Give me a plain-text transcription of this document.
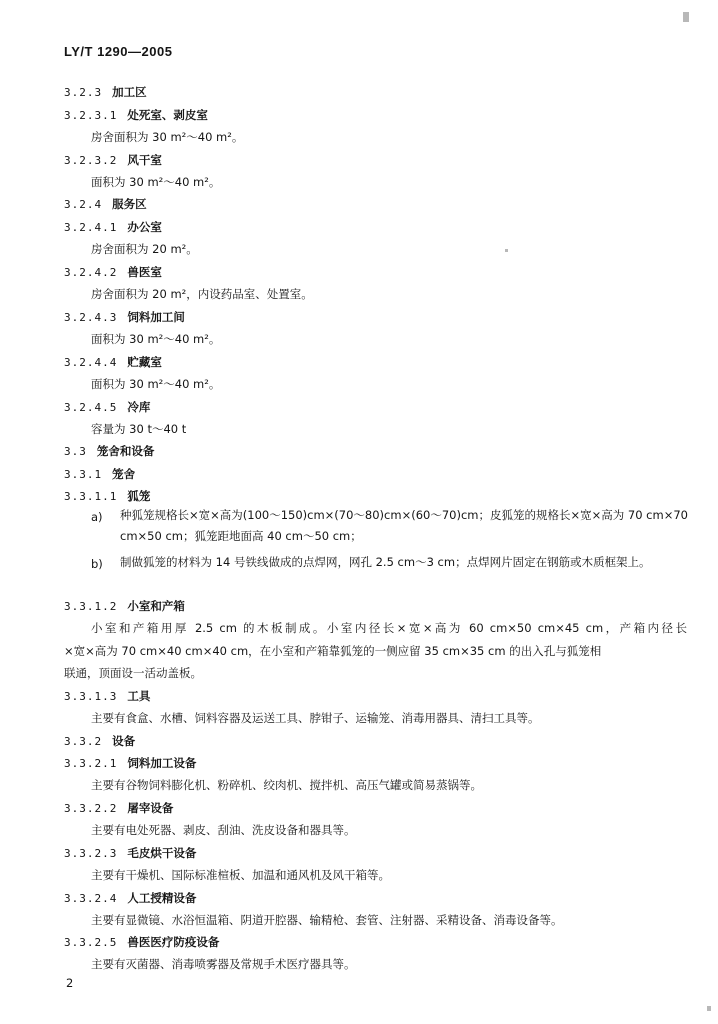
LY/T 1290—2005
3.2.3 加工区
3.2.3.1 处死室、剥皮室
房舍面积为 30 m²～40 m²。
3.2.3.2 风干室
面积为 30 m²～40 m²。
3.2.4 服务区
3.2.4.1 办公室
房舍面积为 20 m²。
3.2.4.2 兽医室
房舍面积为 20 m²，内设药品室、处置室。
3.2.4.3 饲料加工间
面积为 30 m²～40 m²。
3.2.4.4 贮藏室
面积为 30 m²～40 m²。
3.2.4.5 冷库
容量为 30 t～40 t
3.3 笼舍和设备
3.3.1 笼舍
3.3.1.1 狐笼
a) 种狐笼规格长×宽×高为(100～150)cm×(70～80)cm×(60～70)cm；皮狐笼的规格长×宽×高为 70 cm×70 cm×50 cm；狐笼距地面高 40 cm～50 cm；
b) 制做狐笼的材料为 14 号铁线做成的点焊网，网孔 2.5 cm～3 cm；点焊网片固定在钢筋或木质框架上。
3.3.1.2 小室和产箱
小室和产箱用厚 2.5 cm 的木板制成。小室内径长×宽×高为 60 cm×50 cm×45 cm，产箱内径长
×宽×高为 70 cm×40 cm×40 cm，在小室和产箱靠狐笼的一侧应留 35 cm×35 cm 的出入孔与狐笼相
联通，顶面设一活动盖板。
3.3.1.3 工具
主要有食盒、水槽、饲料容器及运送工具、脖钳子、运输笼、消毒用器具、清扫工具等。
3.3.2 设备
3.3.2.1 饲料加工设备
主要有谷物饲料膨化机、粉碎机、绞肉机、搅拌机、高压气罐或简易蒸锅等。
3.3.2.2 屠宰设备
主要有电处死器、剥皮、刮油、洗皮设备和器具等。
3.3.2.3 毛皮烘干设备
主要有干燥机、国际标准楦板、加温和通风机及风干箱等。
3.3.2.4 人工授精设备
主要有显微镜、水浴恒温箱、阴道开腔器、输精枪、套管、注射器、采精设备、消毒设备等。
3.3.2.5 兽医医疗防疫设备
主要有灭菌器、消毒喷雾器及常规手术医疗器具等。
2
